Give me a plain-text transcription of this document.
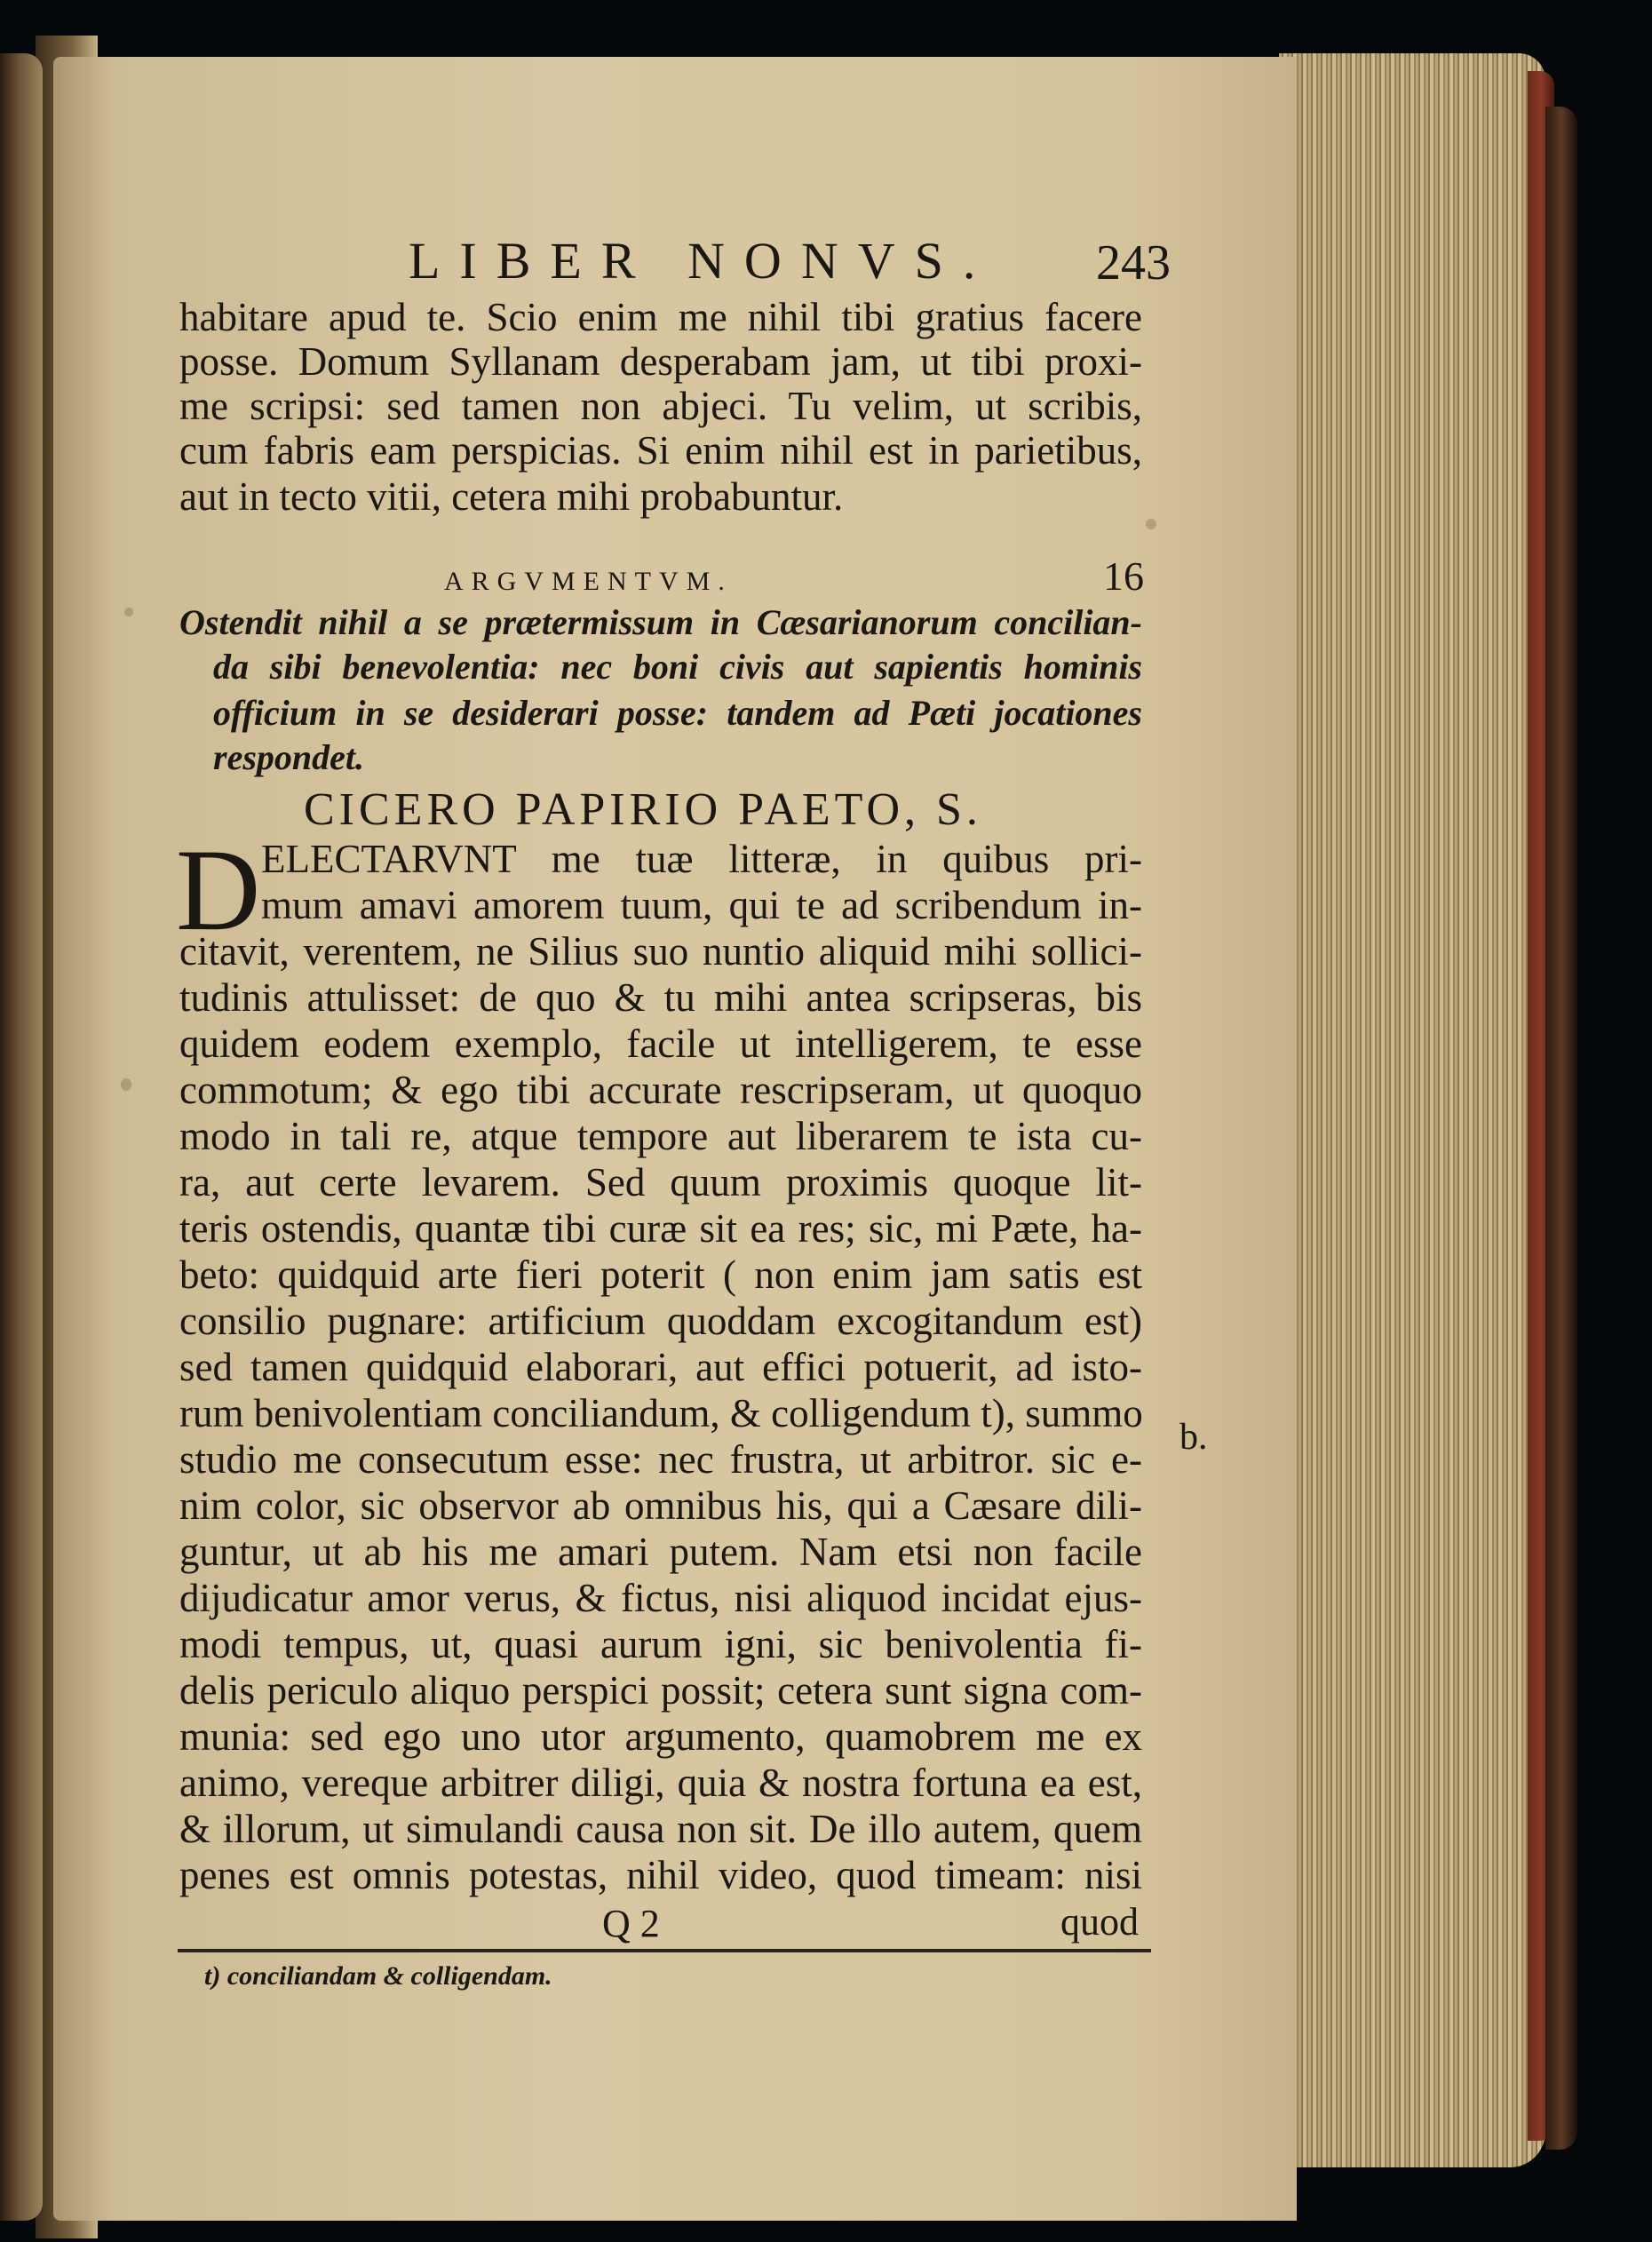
LIBER NONVS. 243
habitare apud te. Scio enim me nihil tibi gratius facere
posse. Domum Syllanam desperabam jam, ut tibi proxi-
me scripsi: sed tamen non abjeci. Tu velim, ut scribis,
cum fabris eam perspicias. Si enim nihil est in parietibus,
aut in tecto vitii, cetera mihi probabuntur.
ARGVMENTVM.	16
Ostendit nihil a se prætermissum in Cæsarianorum concilian-
da sibi benevolentia: nec boni civis aut sapientis hominis
officium in se desiderari posse: tandem ad Pæti jocationes
respondet.
CICERO PAPIRIO PAETO, S.
D ELECTARVNT me tuæ litteræ, in quibus pri-
mum amavi amorem tuum, qui te ad scribendum in-
citavit, verentem, ne Silius suo nuntio aliquid mihi sollici-
tudinis attulisset: de quo & tu mihi antea scripseras, bis
quidem eodem exemplo, facile ut intelligerem, te esse
commotum; & ego tibi accurate rescripseram, ut quoquo
modo in tali re, atque tempore aut liberarem te ista cu-
ra, aut certe levarem. Sed quum proximis quoque lit-
teris ostendis, quantæ tibi curæ sit ea res; sic, mi Pæte, ha-
beto: quidquid arte fieri poterit ( non enim jam satis est
consilio pugnare: artificium quoddam excogitandum est)
sed tamen quidquid elaborari, aut effici potuerit, ad isto-
rum benivolentiam conciliandum, & colligendum t), summo
studio me consecutum esse: nec frustra, ut arbitror. sic e-
nim color, sic observor ab omnibus his, qui a Cæsare dili-
guntur, ut ab his me amari putem. Nam etsi non facile
dijudicatur amor verus, & fictus, nisi aliquod incidat ejus-
modi tempus, ut, quasi aurum igni, sic benivolentia fi-
delis periculo aliquo perspici possit; cetera sunt signa com-
munia: sed ego uno utor argumento, quamobrem me ex
animo, vereque arbitrer diligi, quia & nostra fortuna ea est,
& illorum, ut simulandi causa non sit. De illo autem, quem
penes est omnis potestas, nihil video, quod timeam: nisi
Q 2	quod
t) conciliandam & colligendam.
b.
